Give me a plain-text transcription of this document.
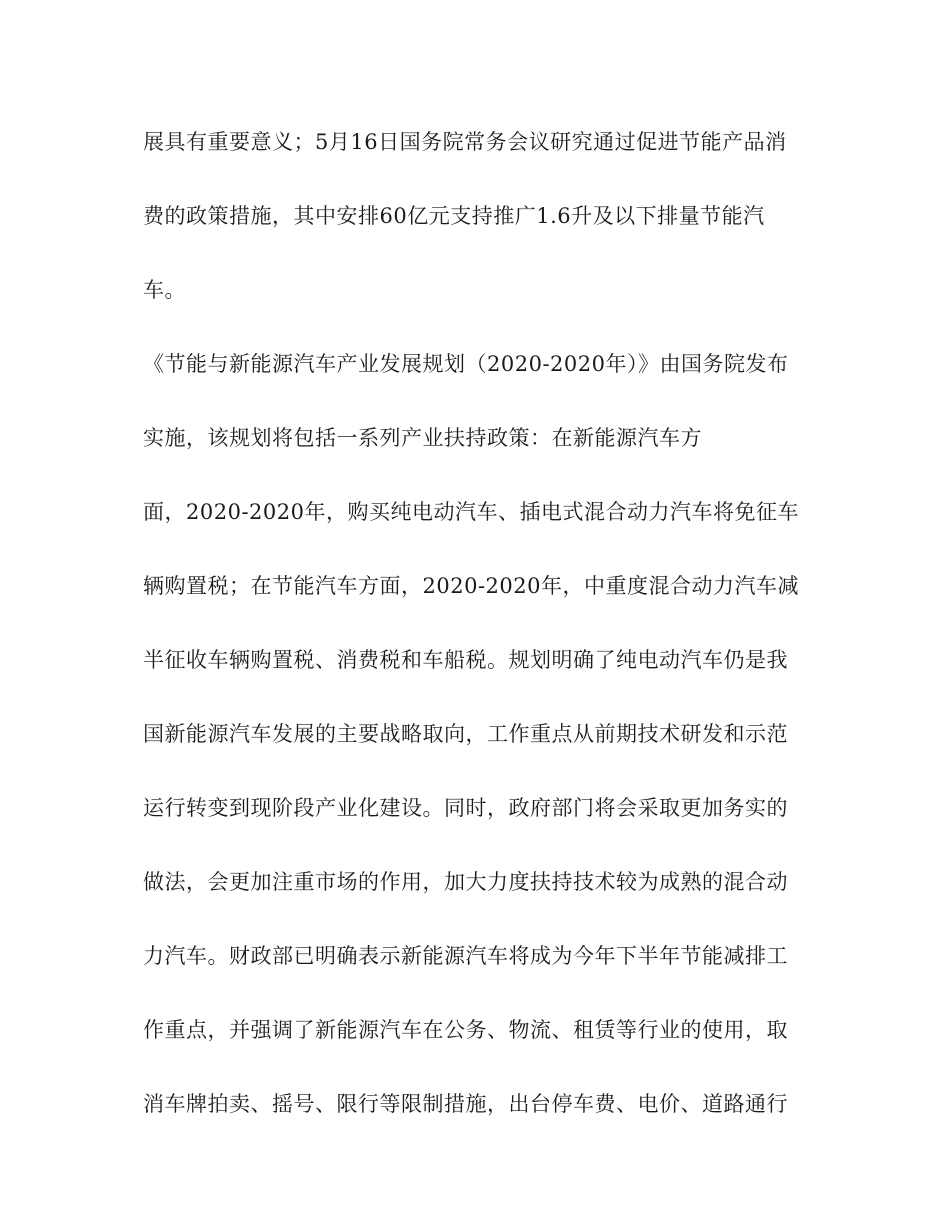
展具有重要意义；5月16日国务院常务会议研究通过促进节能产品消
费的政策措施，其中安排60亿元支持推广1.6升及以下排量节能汽
车。
《节能与新能源汽车产业发展规划（2020-2020年）》由国务院发布
实施，该规划将包括一系列产业扶持政策：在新能源汽车方
面，2020-2020年，购买纯电动汽车、插电式混合动力汽车将免征车
辆购置税；在节能汽车方面，2020-2020年，中重度混合动力汽车减
半征收车辆购置税、消费税和车船税。规划明确了纯电动汽车仍是我
国新能源汽车发展的主要战略取向，工作重点从前期技术研发和示范
运行转变到现阶段产业化建设。同时，政府部门将会采取更加务实的
做法，会更加注重市场的作用，加大力度扶持技术较为成熟的混合动
力汽车。财政部已明确表示新能源汽车将成为今年下半年节能减排工
作重点，并强调了新能源汽车在公务、物流、租赁等行业的使用，取
消车牌拍卖、摇号、限行等限制措施，出台停车费、电价、道路通行
